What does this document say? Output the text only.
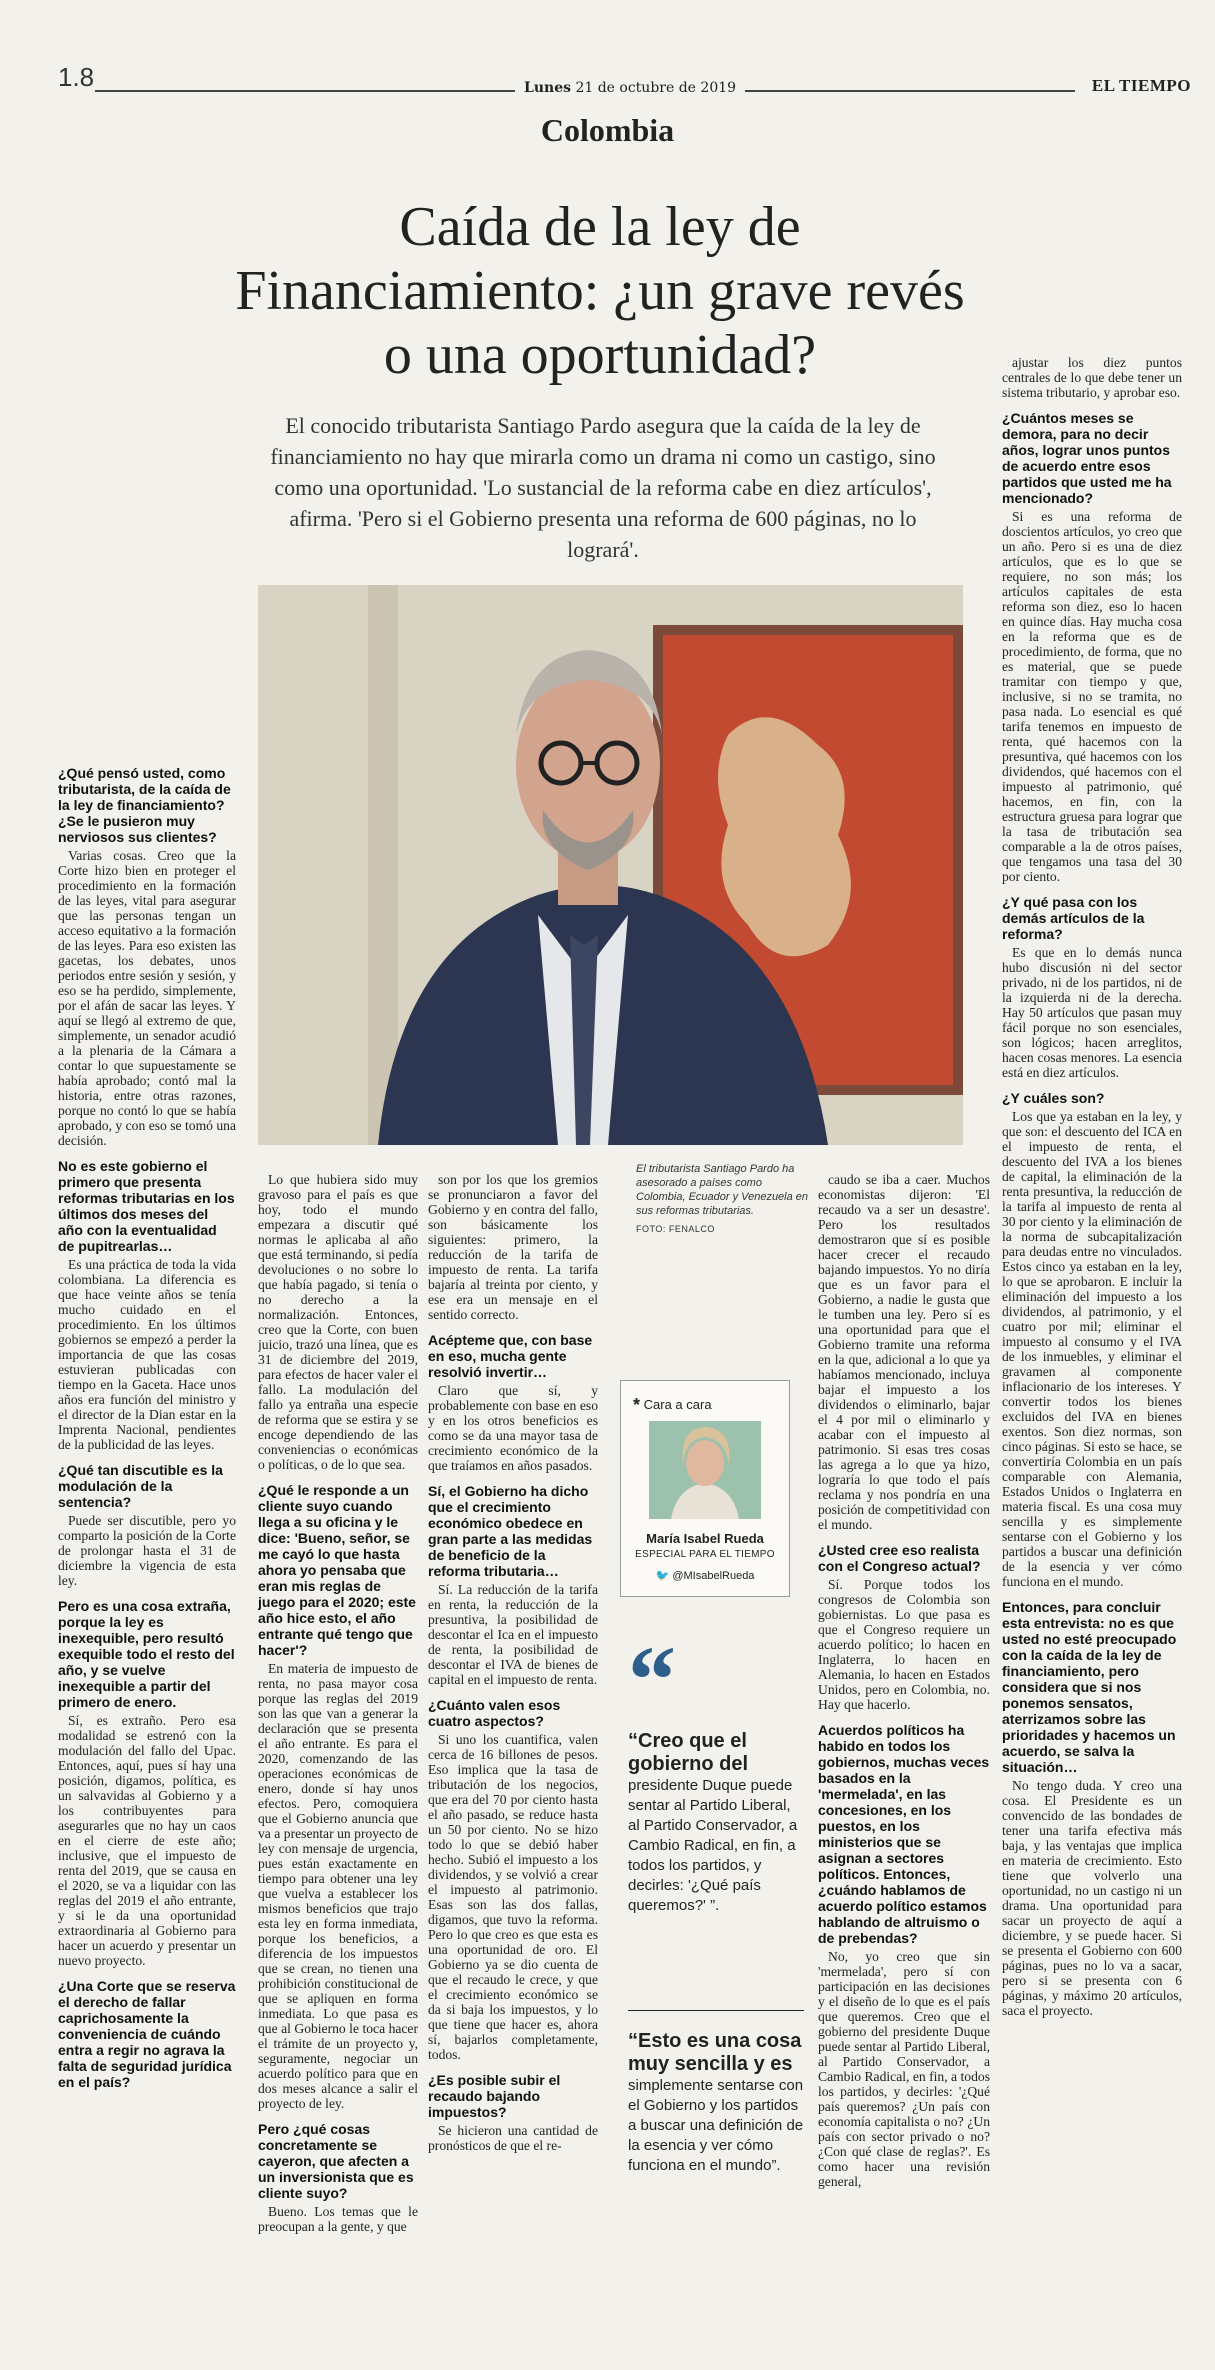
1.8	Lunes 21 de octubre de 2019	EL TIEMPO
Colombia
Caída de la ley de Financiamiento: ¿un grave revés o una oportunidad?
El conocido tributarista Santiago Pardo asegura que la caída de la ley de financiamiento no hay que mirarla como un drama ni como un castigo, sino como una oportunidad. 'Lo sustancial de la reforma cabe en diez artículos', afirma. 'Pero si el Gobierno presenta una reforma de 600 páginas, no lo logrará'.
El tributarista Santiago Pardo ha asesorado a países como Colombia, Ecuador y Venezuela en sus reformas tributarias.
FOTO: FENALCO

¿Qué pensó usted, como tributarista, de la caída de la ley de financiamiento? ¿Se le pusieron muy nerviosos sus clientes?

Varias cosas. Creo que la Corte hizo bien en proteger el procedimiento en la formación de las leyes, vital para asegurar que las personas tengan un acceso equitativo a la formación de las leyes. Para eso existen las gacetas, los debates, unos periodos entre sesión y sesión, y eso se ha perdido, simplemente, por el afán de sacar las leyes. Y aquí se llegó al extremo de que, simplemente, un senador acudió a la plenaria de la Cámara a contar lo que supuestamente se había aprobado; contó mal la historia, entre otras razones, porque no contó lo que se había aprobado, y con eso se tomó una decisión.

No es este gobierno el primero que presenta reformas tributarias en los últimos dos meses del año con la eventualidad de pupitrearlas…

Es una práctica de toda la vida colombiana. La diferencia es que hace veinte años se tenía mucho cuidado en el procedimiento. En los últimos gobiernos se empezó a perder la importancia de que las cosas estuvieran publicadas con tiempo en la Gaceta. Hace unos años era función del ministro y el director de la Dian estar en la Imprenta Nacional, pendientes de la publicidad de las leyes.

¿Qué tan discutible es la modulación de la sentencia?

Puede ser discutible, pero yo comparto la posición de la Corte de prolongar hasta el 31 de diciembre la vigencia de esta ley.

Pero es una cosa extraña, porque la ley es inexequible, pero resultó exequible todo el resto del año, y se vuelve inexequible a partir del primero de enero.

Sí, es extraño. Pero esa modalidad se estrenó con la modulación del fallo del Upac. Entonces, aquí, pues sí hay una posición, digamos, política, es un salvavidas al Gobierno y a los contribuyentes para asegurarles que no hay un caos en el cierre de este año; inclusive, que el impuesto de renta del 2019, que se causa en el 2020, se va a liquidar con las reglas del 2019 el año entrante, y si le da una oportunidad extraordinaria al Gobierno para hacer un acuerdo y presentar un nuevo proyecto.

¿Una Corte que se reserva el derecho de fallar caprichosamente la conveniencia de cuándo entra a regir no agrava la falta de seguridad jurídica en el país?

Lo que hubiera sido muy gravoso para el país es que hoy, todo el mundo empezara a discutir qué normas le aplicaba al año que está terminando, si pedía devoluciones o no sobre lo que había pagado, si tenía o no derecho a la normalización. Entonces, creo que la Corte, con buen juicio, trazó una línea, que es 31 de diciembre del 2019, para efectos de hacer valer el fallo. La modulación del fallo ya entraña una especie de reforma que se estira y se encoge dependiendo de las conveniencias o económicas o políticas, o de lo que sea.

¿Qué le responde a un cliente suyo cuando llega a su oficina y le dice: 'Bueno, señor, se me cayó lo que hasta ahora yo pensaba que eran mis reglas de juego para el 2020; este año hice esto, el año entrante qué tengo que hacer'?

En materia de impuesto de renta, no pasa mayor cosa porque las reglas del 2019 son las que van a generar la declaración que se presenta el año entrante. Es para el 2020, comenzando de las operaciones económicas de enero, donde sí hay unos efectos. Pero, comoquiera que el Gobierno anuncia que va a presentar un proyecto de ley con mensaje de urgencia, pues están exactamente en tiempo para obtener una ley que vuelva a establecer los mismos beneficios que trajo esta ley en forma inmediata, porque los beneficios, a diferencia de los impuestos que se crean, no tienen una prohibición constitucional de que se apliquen en forma inmediata. Lo que pasa es que al Gobierno le toca hacer el trámite de un proyecto y, seguramente, negociar un acuerdo político para que en dos meses alcance a salir el proyecto de ley.

Pero ¿qué cosas concretamente se cayeron, que afecten a un inversionista que es cliente suyo?

Bueno. Los temas que le preocupan a la gente, y que

son por los que los gremios se pronunciaron a favor del Gobierno y en contra del fallo, son básicamente los siguientes: primero, la reducción de la tarifa de impuesto de renta. La tarifa bajaría al treinta por ciento, y ese era un mensaje en el sentido correcto.

Acépteme que, con base en eso, mucha gente resolvió invertir…

Claro que sí, y probablemente con base en eso y en los otros beneficios es como se da una mayor tasa de crecimiento económico de la que traíamos en años pasados.

Sí, el Gobierno ha dicho que el crecimiento económico obedece en gran parte a las medidas de beneficio de la reforma tributaria…

Sí. La reducción de la tarifa en renta, la reducción de la presuntiva, la posibilidad de descontar el Ica en el impuesto de renta, la posibilidad de descontar el IVA de bienes de capital en el impuesto de renta.

¿Cuánto valen esos cuatro aspectos?

Si uno los cuantifica, valen cerca de 16 billones de pesos. Eso implica que la tasa de tributación de los negocios, que era del 70 por ciento hasta el año pasado, se reduce hasta un 50 por ciento. No se hizo todo lo que se debió haber hecho. Subió el impuesto a los dividendos, y se volvió a crear el impuesto al patrimonio. Esas son las dos fallas, digamos, que tuvo la reforma. Pero lo que creo es que esta es una oportunidad de oro. El Gobierno ya se dio cuenta de que el recaudo le crece, y que el crecimiento económico se da si baja los impuestos, y lo que tiene que hacer es, ahora sí, bajarlos completamente, todos.

¿Es posible subir el recaudo bajando impuestos?

Se hicieron una cantidad de pronósticos de que el re-

* Cara a cara
María Isabel Rueda
ESPECIAL PARA EL TIEMPO
🐦 @MIsabelRueda
“
“Creo que el gobierno del presidente Duque puede sentar al Partido Liberal, al Partido Conservador, a Cambio Radical, en fin, a todos los partidos, y decirles: '¿Qué país queremos?' ”.
“Esto es una cosa muy sencilla y es simplemente sentarse con el Gobierno y los partidos a buscar una definición de la esencia y ver cómo funciona en el mundo”.

caudo se iba a caer. Muchos economistas dijeron: 'El recaudo va a ser un desastre'. Pero los resultados demostraron que sí es posible hacer crecer el recaudo bajando impuestos. Yo no diría que es un favor para el Gobierno, a nadie le gusta que le tumben una ley. Pero sí es una oportunidad para que el Gobierno tramite una reforma en la que, adicional a lo que ya habíamos mencionado, incluya bajar el impuesto a los dividendos o eliminarlo, bajar el 4 por mil o eliminarlo y acabar con el impuesto al patrimonio. Si esas tres cosas las agrega a lo que ya hizo, lograría lo que todo el país reclama y nos pondría en una posición de competitividad con el mundo.

¿Usted cree eso realista con el Congreso actual?

Sí. Porque todos los congresos de Colombia son gobiernistas. Lo que pasa es que el Congreso requiere un acuerdo político; lo hacen en Inglaterra, lo hacen en Alemania, lo hacen en Estados Unidos, pero en Colombia, no. Hay que hacerlo.

Acuerdos políticos ha habido en todos los gobiernos, muchas veces basados en la 'mermelada', en las concesiones, en los puestos, en los ministerios que se asignan a sectores políticos. Entonces, ¿cuándo hablamos de acuerdo político estamos hablando de altruismo o de prebendas?

No, yo creo que sin 'mermelada', pero sí con participación en las decisiones y el diseño de lo que es el país que queremos. Creo que el gobierno del presidente Duque puede sentar al Partido Liberal, al Partido Conservador, a Cambio Radical, en fin, a todos los partidos, y decirles: '¿Qué país queremos? ¿Un país con economía capitalista o no? ¿Un país con sector privado o no? ¿Con qué clase de reglas?'. Es como hacer una revisión general,

ajustar los diez puntos centrales de lo que debe tener un sistema tributario, y aprobar eso.

¿Cuántos meses se demora, para no decir años, lograr unos puntos de acuerdo entre esos partidos que usted me ha mencionado?

Si es una reforma de doscientos artículos, yo creo que un año. Pero si es una de diez artículos, que es lo que se requiere, no son más; los artículos capitales de esta reforma son diez, eso lo hacen en quince días. Hay mucha cosa en la reforma que es de procedimiento, de forma, que no es material, que se puede tramitar con tiempo y que, inclusive, si no se tramita, no pasa nada. Lo esencial es qué tarifa tenemos en impuesto de renta, qué hacemos con la presuntiva, qué hacemos con los dividendos, qué hacemos con el impuesto al patrimonio, qué hacemos, en fin, con la estructura gruesa para lograr que la tasa de tributación sea comparable a la de otros países, que tengamos una tasa del 30 por ciento.

¿Y qué pasa con los demás artículos de la reforma?

Es que en lo demás nunca hubo discusión ni del sector privado, ni de los partidos, ni de la izquierda ni de la derecha. Hay 50 artículos que pasan muy fácil porque no son esenciales, son lógicos; hacen arreglitos, hacen cosas menores. La esencia está en diez artículos.

¿Y cuáles son?

Los que ya estaban en la ley, y que son: el descuento del ICA en el impuesto de renta, el descuento del IVA a los bienes de capital, la eliminación de la renta presuntiva, la reducción de la tarifa al impuesto de renta al 30 por ciento y la eliminación de la norma de subcapitalización para deudas entre no vinculados. Estos cinco ya estaban en la ley, lo que se aprobaron. E incluir la eliminación del impuesto a los dividendos, al patrimonio, y el cuatro por mil; eliminar el impuesto al consumo y el IVA de los inmuebles, y eliminar el gravamen al componente inflacionario de los intereses. Y convertir todos los bienes excluidos del IVA en bienes exentos. Son diez normas, son cinco páginas. Si esto se hace, se convertiría Colombia en un país comparable con Alemania, Estados Unidos o Inglaterra en materia fiscal. Es una cosa muy sencilla y es simplemente sentarse con el Gobierno y los partidos a buscar una definición de la esencia y ver cómo funciona en el mundo.

Entonces, para concluir esta entrevista: no es que usted no esté preocupado con la caída de la ley de financiamiento, pero considera que si nos ponemos sensatos, aterrizamos sobre las prioridades y hacemos un acuerdo, se salva la situación…

No tengo duda. Y creo una cosa. El Presidente es un convencido de las bondades de tener una tarifa efectiva más baja, y las ventajas que implica en materia de crecimiento. Esto tiene que volverlo una oportunidad, no un castigo ni un drama. Una oportunidad para sacar un proyecto de aquí a diciembre, y se puede hacer. Si se presenta el Gobierno con 600 páginas, pues no lo va a sacar, pero si se presenta con 6 páginas, y máximo 20 artículos, saca el proyecto.
